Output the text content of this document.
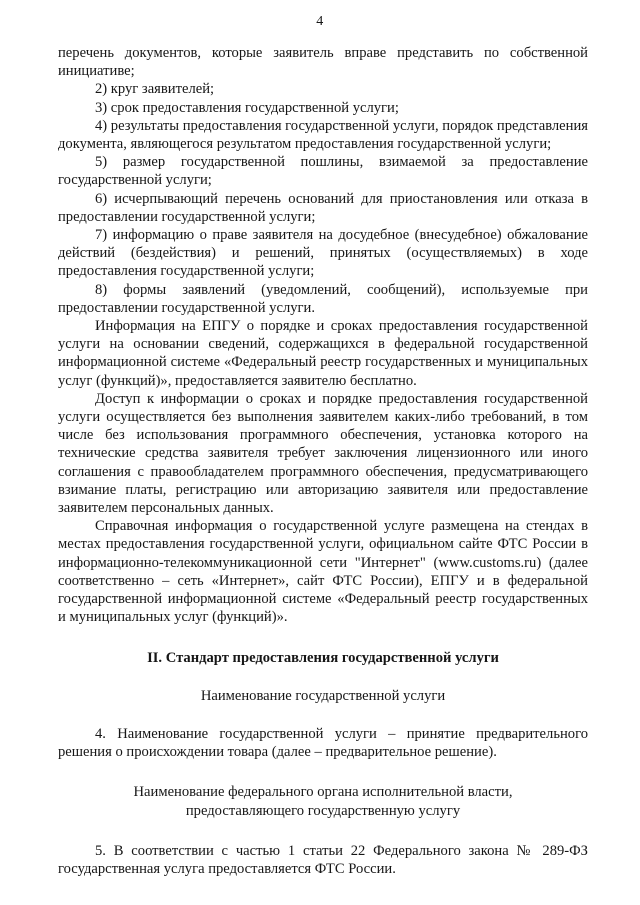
4

перечень документов, которые заявитель вправе представить по собственной инициативе;

2) круг заявителей;

3) срок предоставления государственной услуги;

4) результаты предоставления государственной услуги, порядок представления документа, являющегося результатом предоставления государственной услуги;

5) размер государственной пошлины, взимаемой за предоставление государственной услуги;

6) исчерпывающий перечень оснований для приостановления или отказа в предоставлении государственной услуги;

7) информацию о праве заявителя на досудебное (внесудебное) обжалование действий (бездействия) и решений, принятых (осуществляемых) в ходе предоставления государственной услуги;

8) формы заявлений (уведомлений, сообщений), используемые при предоставлении государственной услуги.

Информация на ЕПГУ о порядке и сроках предоставления государственной услуги на основании сведений, содержащихся в федеральной государственной информационной системе «Федеральный реестр государственных и муниципальных услуг (функций)», предоставляется заявителю бесплатно.

Доступ к информации о сроках и порядке предоставления государственной услуги осуществляется без выполнения заявителем каких-либо требований, в том числе без использования программного обеспечения, установка которого на технические средства заявителя требует заключения лицензионного или иного соглашения с правообладателем программного обеспечения, предусматривающего взимание платы, регистрацию или авторизацию заявителя или предоставление заявителем персональных данных.

Справочная информация о государственной услуге размещена на стендах в местах предоставления государственной услуги, официальном сайте ФТС России в информационно-телекоммуникационной сети "Интернет" (www.customs.ru) (далее соответственно – сеть «Интернет», сайт ФТС России), ЕПГУ и в федеральной государственной информационной системе «Федеральный реестр государственных и муниципальных услуг (функций)».

II. Стандарт предоставления государственной услуги

Наименование государственной услуги

4. Наименование государственной услуги – принятие предварительного решения о происхождении товара (далее – предварительное решение).

Наименование федерального органа исполнительной власти,
предоставляющего государственную услугу

5. В соответствии с частью 1 статьи 22 Федерального закона № 289-ФЗ государственная услуга предоставляется ФТС России.
